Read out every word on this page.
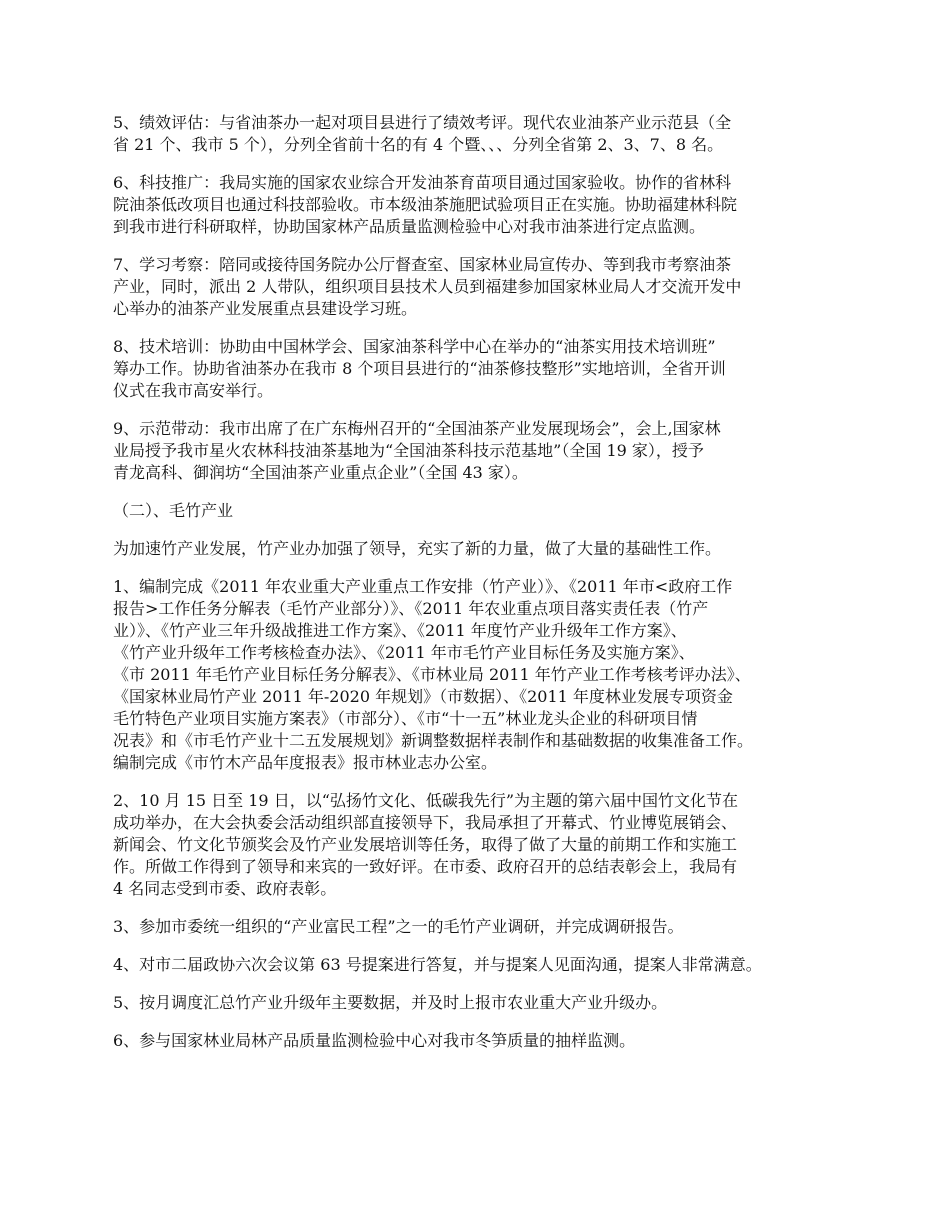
5、绩效评估：与省油茶办一起对项目县进行了绩效考评。现代农业油茶产业示范县（全
省 21 个、我市 5 个），分列全省前十名的有 4 个暨、、、分列全省第 2、3、7、8 名。

6、科技推广：我局实施的国家农业综合开发油茶育苗项目通过国家验收。协作的省林科
院油茶低改项目也通过科技部验收。市本级油茶施肥试验项目正在实施。协助福建林科院
到我市进行科研取样，协助国家林产品质量监测检验中心对我市油茶进行定点监测。

7、学习考察：陪同或接待国务院办公厅督查室、国家林业局宣传办、等到我市考察油茶
产业，同时，派出 2 人带队，组织项目县技术人员到福建参加国家林业局人才交流开发中
心举办的油茶产业发展重点县建设学习班。

8、技术培训：协助由中国林学会、国家油茶科学中心在举办的“油茶实用技术培训班”
筹办工作。协助省油茶办在我市 8 个项目县进行的“油茶修技整形”实地培训，全省开训
仪式在我市高安举行。

9、示范带动：我市出席了在广东梅州召开的“全国油茶产业发展现场会”，会上,国家林
业局授予我市星火农林科技油茶基地为“全国油茶科技示范基地”（全国 19 家），授予
青龙高科、御润坊“全国油茶产业重点企业”（全国 43 家）。

（二）、毛竹产业

为加速竹产业发展，竹产业办加强了领导，充实了新的力量，做了大量的基础性工作。

1、编制完成《2011 年农业重大产业重点工作安排（竹产业）》、《2011 年市<政府工作
报告>工作任务分解表（毛竹产业部分）》、《2011 年农业重点项目落实责任表（竹产
业）》、《竹产业三年升级战推进工作方案》、《2011 年度竹产业升级年工作方案》、
《竹产业升级年工作考核检查办法》、《2011 年市毛竹产业目标任务及实施方案》、
《市 2011 年毛竹产业目标任务分解表》、《市林业局 2011 年竹产业工作考核考评办法》、
《国家林业局竹产业 2011 年-2020 年规划》（市数据）、《2011 年度林业发展专项资金
毛竹特色产业项目实施方案表》（市部分）、《市“十一五”林业龙头企业的科研项目情
况表》和《市毛竹产业十二五发展规划》新调整数据样表制作和基础数据的收集准备工作。
编制完成《市竹木产品年度报表》报市林业志办公室。

2、10 月 15 日至 19 日，以“弘扬竹文化、低碳我先行”为主题的第六届中国竹文化节在
成功举办，在大会执委会活动组织部直接领导下，我局承担了开幕式、竹业博览展销会、
新闻会、竹文化节颁奖会及竹产业发展培训等任务，取得了做了大量的前期工作和实施工
作。所做工作得到了领导和来宾的一致好评。在市委、政府召开的总结表彰会上，我局有
4 名同志受到市委、政府表彰。

3、参加市委统一组织的“产业富民工程”之一的毛竹产业调研，并完成调研报告。

4、对市二届政协六次会议第 63 号提案进行答复，并与提案人见面沟通，提案人非常满意。

5、按月调度汇总竹产业升级年主要数据，并及时上报市农业重大产业升级办。

6、参与国家林业局林产品质量监测检验中心对我市冬笋质量的抽样监测。
